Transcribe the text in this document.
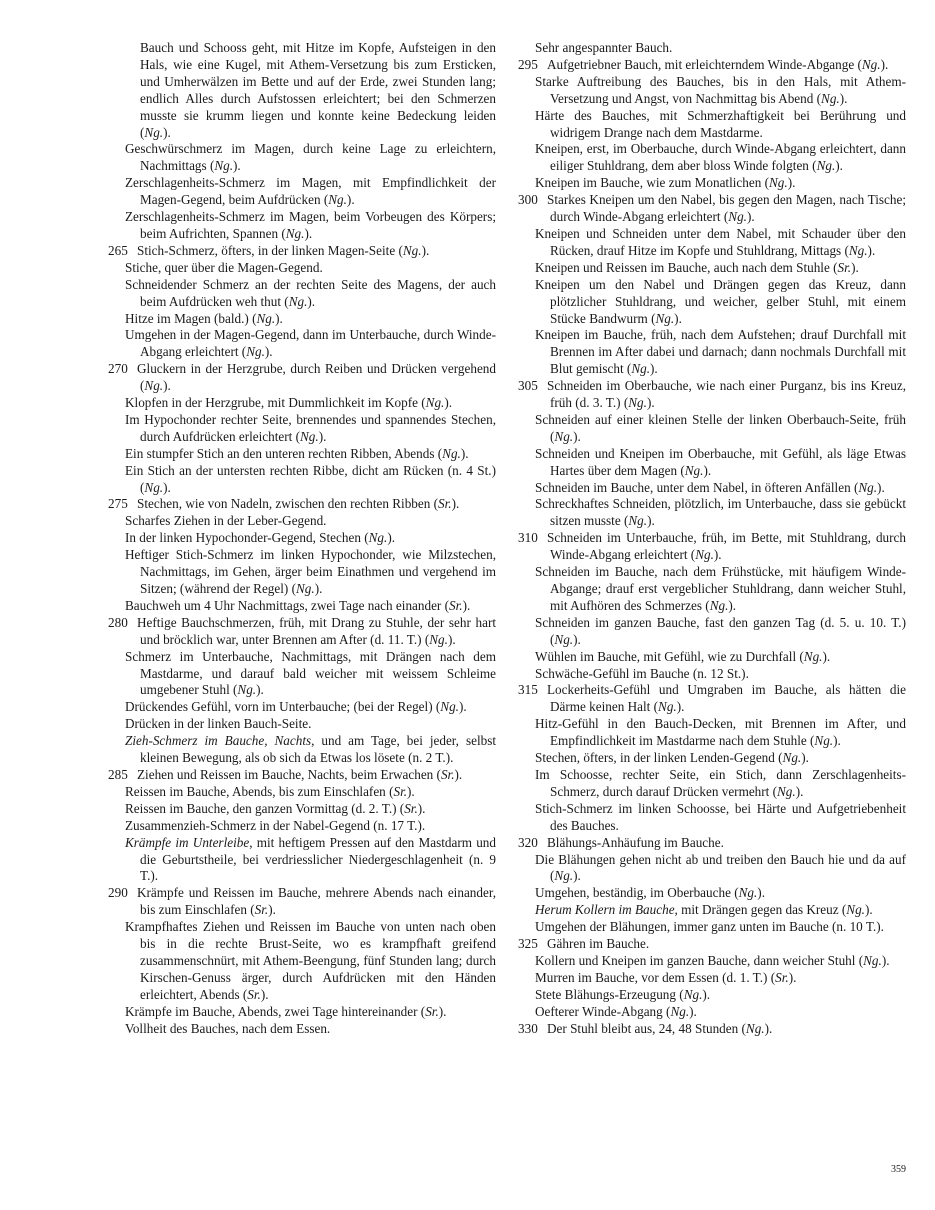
Bauch und Schooss geht, mit Hitze im Kopfe, Aufsteigen in den Hals, wie eine Kugel, mit Athem-Versetzung bis zum Ersticken, und Umherwälzen im Bette und auf der Erde, zwei Stunden lang; endlich Alles durch Aufstossen erleichtert; bei den Schmerzen musste sie krumm liegen und konnte keine Bedeckung leiden (Ng.).

Geschwürschmerz im Magen, durch keine Lage zu erleichtern, Nachmittags (Ng.).

Zerschlagenheits-Schmerz im Magen, mit Empfindlichkeit der Magen-Gegend, beim Aufdrücken (Ng.).

Zerschlagenheits-Schmerz im Magen, beim Vorbeugen des Körpers; beim Aufrichten, Spannen (Ng.).

265 Stich-Schmerz, öfters, in der linken Magen-Seite (Ng.).

Stiche, quer über die Magen-Gegend.

Schneidender Schmerz an der rechten Seite des Magens, der auch beim Aufdrücken weh thut (Ng.).

Hitze im Magen (bald.) (Ng.).

Umgehen in der Magen-Gegend, dann im Unterbauche, durch Winde-Abgang erleichtert (Ng.).

270 Gluckern in der Herzgrube, durch Reiben und Drücken vergehend (Ng.).

Klopfen in der Herzgrube, mit Dummlichkeit im Kopfe (Ng.).

Im Hypochonder rechter Seite, brennendes und spannendes Stechen, durch Aufdrücken erleichtert (Ng.).

Ein stumpfer Stich an den unteren rechten Ribben, Abends (Ng.).

Ein Stich an der untersten rechten Ribbe, dicht am Rücken (n. 4 St.) (Ng.).

275 Stechen, wie von Nadeln, zwischen den rechten Ribben (Sr.).

Scharfes Ziehen in der Leber-Gegend.

In der linken Hypochonder-Gegend, Stechen (Ng.).

Heftiger Stich-Schmerz im linken Hypochonder, wie Milzstechen, Nachmittags, im Gehen, ärger beim Einathmen und vergehend im Sitzen; (während der Regel) (Ng.).

Bauchweh um 4 Uhr Nachmittags, zwei Tage nach einander (Sr.).

280 Heftige Bauchschmerzen, früh, mit Drang zu Stuhle, der sehr hart und bröcklich war, unter Brennen am After (d. 11. T.) (Ng.).

Schmerz im Unterbauche, Nachmittags, mit Drängen nach dem Mastdarme, und darauf bald weicher mit weissem Schleime umgebener Stuhl (Ng.).

Drückendes Gefühl, vorn im Unterbauche; (bei der Regel) (Ng.).

Drücken in der linken Bauch-Seite.

Zieh-Schmerz im Bauche, Nachts, und am Tage, bei jeder, selbst kleinen Bewegung, als ob sich da Etwas los lösete (n. 2 T.).

285 Ziehen und Reissen im Bauche, Nachts, beim Erwachen (Sr.).

Reissen im Bauche, Abends, bis zum Einschlafen (Sr.).

Reissen im Bauche, den ganzen Vormittag (d. 2. T.) (Sr.).

Zusammenzieh-Schmerz in der Nabel-Gegend (n. 17 T.).

Krämpfe im Unterleibe, mit heftigem Pressen auf den Mastdarm und die Geburtstheile, bei verdriesslicher Niedergeschlagenheit (n. 9 T.).

290 Krämpfe und Reissen im Bauche, mehrere Abends nach einander, bis zum Einschlafen (Sr.).

Krampfhaftes Ziehen und Reissen im Bauche von unten nach oben bis in die rechte Brust-Seite, wo es krampfhaft greifend zusammenschnürt, mit Athem-Beengung, fünf Stunden lang; durch Kirschen-Genuss ärger, durch Aufdrücken mit den Händen erleichtert, Abends (Sr.).

Krämpfe im Bauche, Abends, zwei Tage hintereinander (Sr.).

Vollheit des Bauches, nach dem Essen.

Sehr angespannter Bauch.

295 Aufgetriebner Bauch, mit erleichterndem Winde-Abgange (Ng.).

Starke Auftreibung des Bauches, bis in den Hals, mit Athem-Versetzung und Angst, von Nachmittag bis Abend (Ng.).

Härte des Bauches, mit Schmerzhaftigkeit bei Berührung und widrigem Drange nach dem Mastdarme.

Kneipen, erst, im Oberbauche, durch Winde-Abgang erleichtert, dann eiliger Stuhldrang, dem aber bloss Winde folgten (Ng.).

Kneipen im Bauche, wie zum Monatlichen (Ng.).

300 Starkes Kneipen um den Nabel, bis gegen den Magen, nach Tische; durch Winde-Abgang erleichtert (Ng.).

Kneipen und Schneiden unter dem Nabel, mit Schauder über den Rücken, drauf Hitze im Kopfe und Stuhldrang, Mittags (Ng.).

Kneipen und Reissen im Bauche, auch nach dem Stuhle (Sr.).

Kneipen um den Nabel und Drängen gegen das Kreuz, dann plötzlicher Stuhldrang, und weicher, gelber Stuhl, mit einem Stücke Bandwurm (Ng.).

Kneipen im Bauche, früh, nach dem Aufstehen; drauf Durchfall mit Brennen im After dabei und darnach; dann nochmals Durchfall mit Blut gemischt (Ng.).

305 Schneiden im Oberbauche, wie nach einer Purganz, bis ins Kreuz, früh (d. 3. T.) (Ng.).

Schneiden auf einer kleinen Stelle der linken Oberbauch-Seite, früh (Ng.).

Schneiden und Kneipen im Oberbauche, mit Gefühl, als läge Etwas Hartes über dem Magen (Ng.).

Schneiden im Bauche, unter dem Nabel, in öfteren Anfällen (Ng.).

Schreckhaftes Schneiden, plötzlich, im Unterbauche, dass sie gebückt sitzen musste (Ng.).

310 Schneiden im Unterbauche, früh, im Bette, mit Stuhldrang, durch Winde-Abgang erleichtert (Ng.).

Schneiden im Bauche, nach dem Frühstücke, mit häufigem Winde-Abgange; drauf erst vergeblicher Stuhldrang, dann weicher Stuhl, mit Aufhören des Schmerzes (Ng.).

Schneiden im ganzen Bauche, fast den ganzen Tag (d. 5. u. 10. T.) (Ng.).

Wühlen im Bauche, mit Gefühl, wie zu Durchfall (Ng.).

Schwäche-Gefühl im Bauche (n. 12 St.).

315 Lockerheits-Gefühl und Umgraben im Bauche, als hätten die Därme keinen Halt (Ng.).

Hitz-Gefühl in den Bauch-Decken, mit Brennen im After, und Empfindlichkeit im Mastdarme nach dem Stuhle (Ng.).

Stechen, öfters, in der linken Lenden-Gegend (Ng.).

Im Schoosse, rechter Seite, ein Stich, dann Zerschlagenheits-Schmerz, durch darauf Drücken vermehrt (Ng.).

Stich-Schmerz im linken Schoosse, bei Härte und Aufgetriebenheit des Bauches.

320 Blähungs-Anhäufung im Bauche.

Die Blähungen gehen nicht ab und treiben den Bauch hie und da auf (Ng.).

Umgehen, beständig, im Oberbauche (Ng.).

Herum Kollern im Bauche, mit Drängen gegen das Kreuz (Ng.).

Umgehen der Blähungen, immer ganz unten im Bauche (n. 10 T.).

325 Gähren im Bauche.

Kollern und Kneipen im ganzen Bauche, dann weicher Stuhl (Ng.).

Murren im Bauche, vor dem Essen (d. 1. T.) (Sr.).

Stete Blähungs-Erzeugung (Ng.).

Oefterer Winde-Abgang (Ng.).

330 Der Stuhl bleibt aus, 24, 48 Stunden (Ng.).

359
